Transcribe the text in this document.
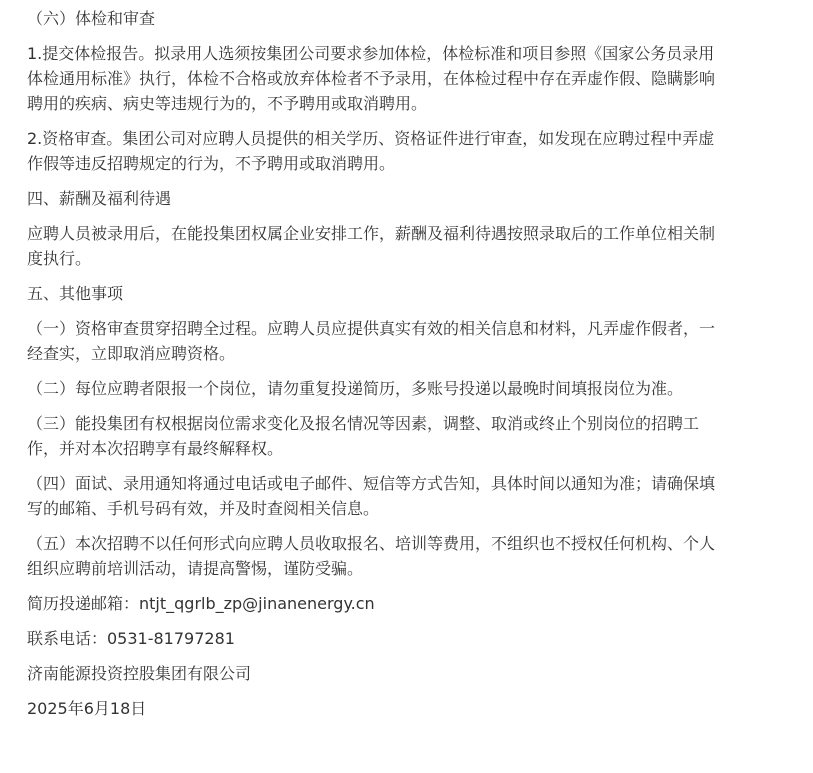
（六）体检和审查

1.提交体检报告。拟录用人选须按集团公司要求参加体检，体检标准和项目参照《国家公务员录用体检通用标准》执行，体检不合格或放弃体检者不予录用，在体检过程中存在弄虚作假、隐瞒影响聘用的疾病、病史等违规行为的，不予聘用或取消聘用。

2.资格审查。集团公司对应聘人员提供的相关学历、资格证件进行审查，如发现在应聘过程中弄虚作假等违反招聘规定的行为，不予聘用或取消聘用。

四、薪酬及福利待遇

应聘人员被录用后，在能投集团权属企业安排工作，薪酬及福利待遇按照录取后的工作单位相关制度执行。

五、其他事项

（一）资格审查贯穿招聘全过程。应聘人员应提供真实有效的相关信息和材料，凡弄虚作假者，一经查实，立即取消应聘资格。

（二）每位应聘者限报一个岗位，请勿重复投递简历，多账号投递以最晚时间填报岗位为准。

（三）能投集团有权根据岗位需求变化及报名情况等因素，调整、取消或终止个别岗位的招聘工作，并对本次招聘享有最终解释权。

（四）面试、录用通知将通过电话或电子邮件、短信等方式告知，具体时间以通知为准；请确保填写的邮箱、手机号码有效，并及时查阅相关信息。

（五）本次招聘不以任何形式向应聘人员收取报名、培训等费用，不组织也不授权任何机构、个人组织应聘前培训活动，请提高警惕，谨防受骗。

简历投递邮箱：ntjt_qgrlb_zp@jinanenergy.cn

联系电话：0531-81797281

济南能源投资控股集团有限公司

2025年6月18日
